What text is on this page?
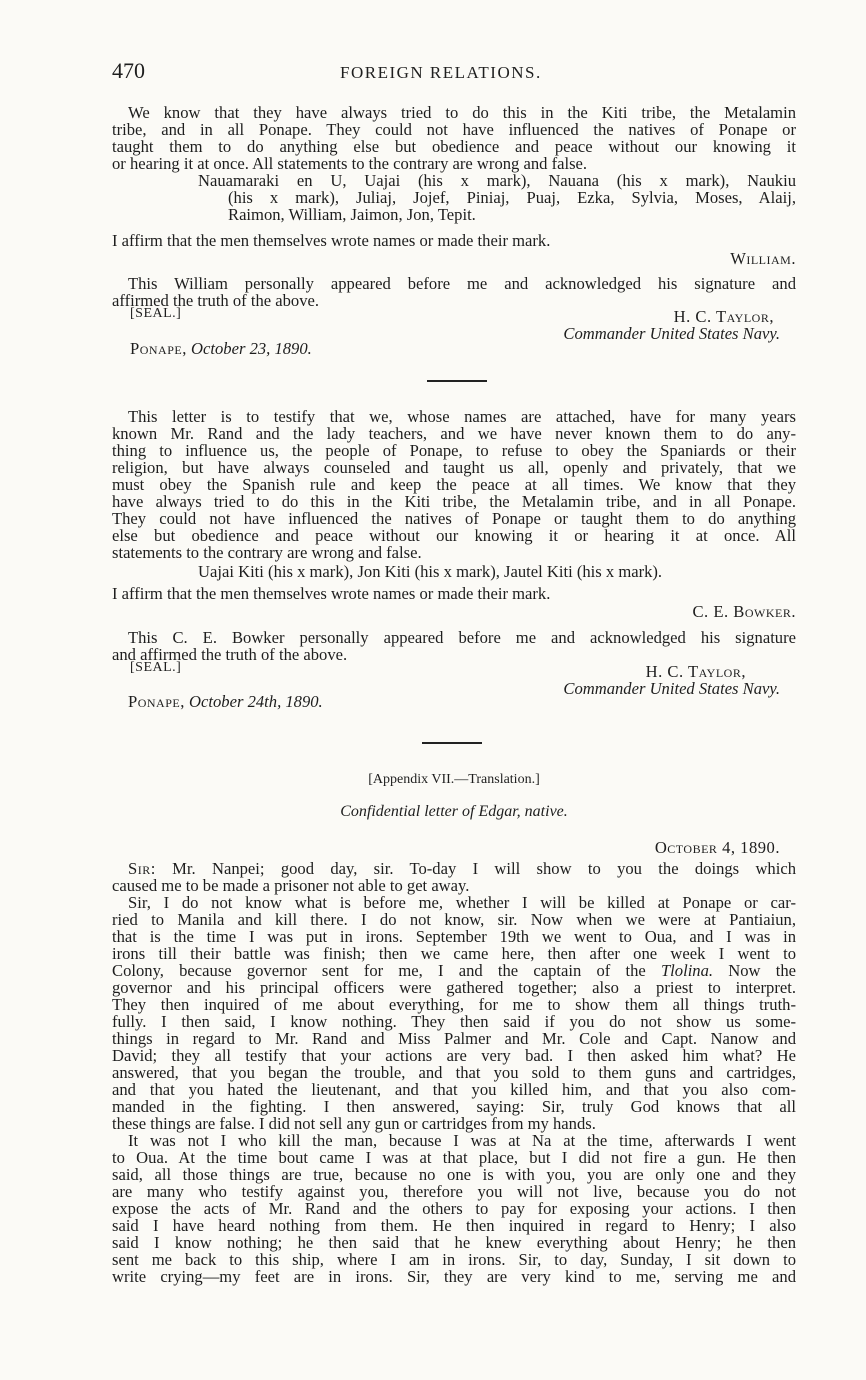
470	FOREIGN RELATIONS.
We know that they have always tried to do this in the Kiti tribe, the Metalamin
tribe, and in all Ponape. They could not have influenced the natives of Ponape or
taught them to do anything else but obedience and peace without our knowing it
or hearing it at once. All statements to the contrary are wrong and false.
Nauamaraki en U, Uajai (his x mark), Nauana (his x mark), Naukiu
(his x mark), Juliaj, Jojef, Piniaj, Puaj, Ezka, Sylvia, Moses, Alaij,
Raimon, William, Jaimon, Jon, Tepit.
I affirm that the men themselves wrote names or made their mark.
William.
This William personally appeared before me and acknowledged his signature and
affirmed the truth of the above.
[SEAL.]	H. C. Taylor,
Commander United States Navy.
Ponape, October 23, 1890.
This letter is to testify that we, whose names are attached, have for many years
known Mr. Rand and the lady teachers, and we have never known them to do any-
thing to influence us, the people of Ponape, to refuse to obey the Spaniards or their
religion, but have always counseled and taught us all, openly and privately, that we
must obey the Spanish rule and keep the peace at all times. We know that they
have always tried to do this in the Kiti tribe, the Metalamin tribe, and in all Ponape.
They could not have influenced the natives of Ponape or taught them to do anything
else but obedience and peace without our knowing it or hearing it at once. All
statements to the contrary are wrong and false.
Uajai Kiti (his x mark), Jon Kiti (his x mark), Jautel Kiti (his x mark).
I affirm that the men themselves wrote names or made their mark.
C. E. Bowker.
This C. E. Bowker personally appeared before me and acknowledged his signature
and affirmed the truth of the above.
[SEAL.]	H. C. Taylor,
Commander United States Navy.
Ponape, October 24th, 1890.
[Appendix VII.—Translation.]
Confidential letter of Edgar, native.
October 4, 1890.
Sir: Mr. Nanpei; good day, sir. To-day I will show to you the doings which
caused me to be made a prisoner not able to get away.
Sir, I do not know what is before me, whether I will be killed at Ponape or car-
ried to Manila and kill there. I do not know, sir. Now when we were at Pantiaiun,
that is the time I was put in irons. September 19th we went to Oua, and I was in
irons till their battle was finish; then we came here, then after one week I went to
Colony, because governor sent for me, I and the captain of the Tlolina. Now the
governor and his principal officers were gathered together; also a priest to interpret.
They then inquired of me about everything, for me to show them all things truth-
fully. I then said, I know nothing. They then said if you do not show us some-
things in regard to Mr. Rand and Miss Palmer and Mr. Cole and Capt. Nanow and
David; they all testify that your actions are very bad. I then asked him what? He
answered, that you began the trouble, and that you sold to them guns and cartridges,
and that you hated the lieutenant, and that you killed him, and that you also com-
manded in the fighting. I then answered, saying: Sir, truly God knows that all
these things are false. I did not sell any gun or cartridges from my hands.
It was not I who kill the man, because I was at Na at the time, afterwards I went
to Oua. At the time bout came I was at that place, but I did not fire a gun. He then
said, all those things are true, because no one is with you, you are only one and they
are many who testify against you, therefore you will not live, because you do not
expose the acts of Mr. Rand and the others to pay for exposing your actions. I then
said I have heard nothing from them. He then inquired in regard to Henry; I also
said I know nothing; he then said that he knew everything about Henry; he then
sent me back to this ship, where I am in irons. Sir, to day, Sunday, I sit down to
write crying—my feet are in irons. Sir, they are very kind to me, serving me and
